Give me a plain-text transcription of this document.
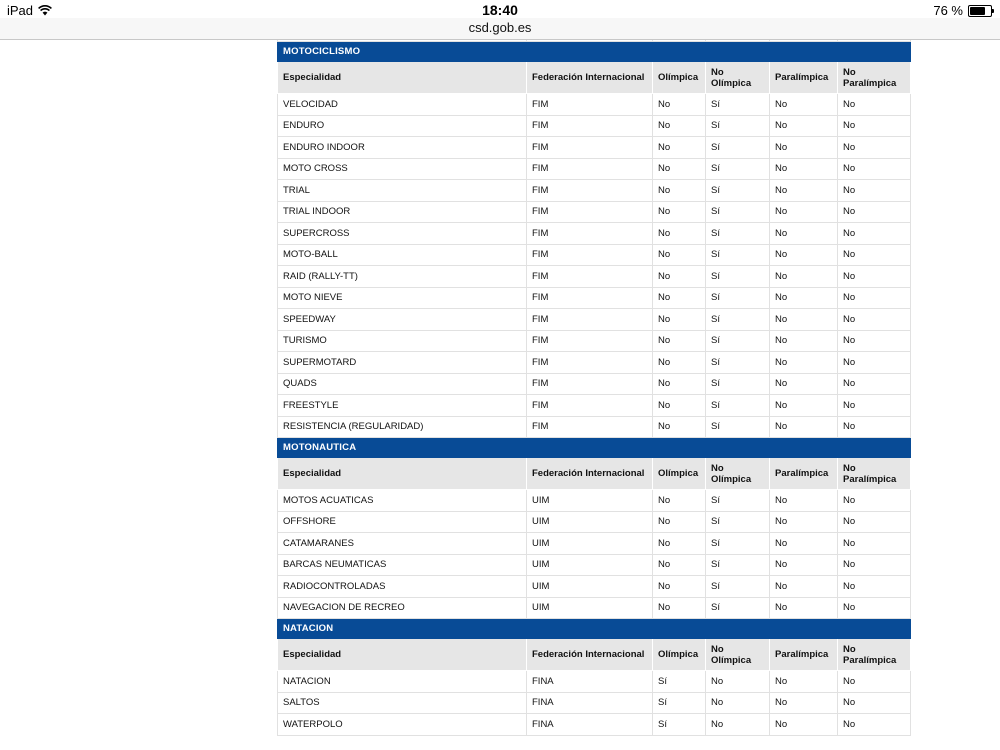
iPad	18:40	76 %
csd.gob.es

MOTOCICLISMO					
Especialidad	Federación Internacional	Olímpica	No Olímpica	Paralímpica	No Paralímpica
VELOCIDAD	FIM	No	Sí	No	No
ENDURO	FIM	No	Sí	No	No
ENDURO INDOOR	FIM	No	Sí	No	No
MOTO CROSS	FIM	No	Sí	No	No
TRIAL	FIM	No	Sí	No	No
TRIAL INDOOR	FIM	No	Sí	No	No
SUPERCROSS	FIM	No	Sí	No	No
MOTO-BALL	FIM	No	Sí	No	No
RAID (RALLY-TT)	FIM	No	Sí	No	No
MOTO NIEVE	FIM	No	Sí	No	No
SPEEDWAY	FIM	No	Sí	No	No
TURISMO	FIM	No	Sí	No	No
SUPERMOTARD	FIM	No	Sí	No	No
QUADS	FIM	No	Sí	No	No
FREESTYLE	FIM	No	Sí	No	No
RESISTENCIA (REGULARIDAD)	FIM	No	Sí	No	No
MOTONAUTICA					
Especialidad	Federación Internacional	Olímpica	No Olímpica	Paralímpica	No Paralímpica
MOTOS ACUATICAS	UIM	No	Sí	No	No
OFFSHORE	UIM	No	Sí	No	No
CATAMARANES	UIM	No	Sí	No	No
BARCAS NEUMATICAS	UIM	No	Sí	No	No
RADIOCONTROLADAS	UIM	No	Sí	No	No
NAVEGACION DE RECREO	UIM	No	Sí	No	No
NATACION					
Especialidad	Federación Internacional	Olímpica	No Olímpica	Paralímpica	No Paralímpica
NATACION	FINA	Sí	No	No	No
SALTOS	FINA	Sí	No	No	No
WATERPOLO	FINA	Sí	No	No	No
